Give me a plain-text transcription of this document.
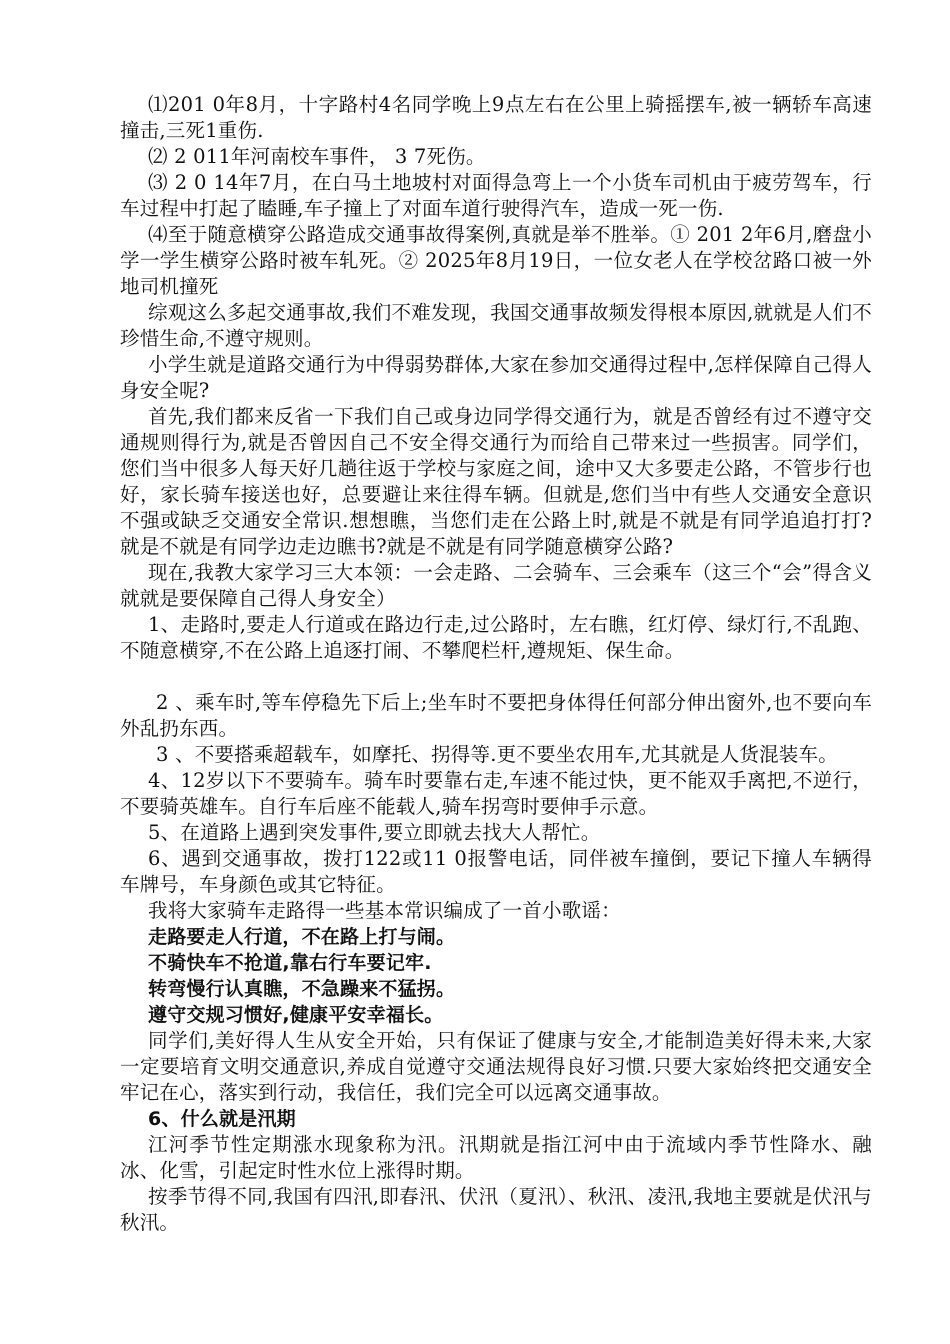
⑴201 0年8月，十字路村4名同学晚上9点左右在公里上骑摇摆车,被一辆轿车高速撞击,三死1重伤.

⑵ 2 011年河南校车事件， 3 7死伤。

⑶ 2 0 14年7月，在白马土地坡村对面得急弯上一个小货车司机由于疲劳驾车，行车过程中打起了瞌睡,车子撞上了对面车道行驶得汽车，造成一死一伤.

⑷至于随意横穿公路造成交通事故得案例,真就是举不胜举。① 201 2年6月,磨盘小学一学生横穿公路时被车轧死。② 2025年8月19日，一位女老人在学校岔路口被一外地司机撞死

综观这么多起交通事故,我们不难发现，我国交通事故频发得根本原因,就就是人们不珍惜生命,不遵守规则。

小学生就是道路交通行为中得弱势群体,大家在参加交通得过程中,怎样保障自己得人身安全呢?

首先,我们都来反省一下我们自己或身边同学得交通行为，就是否曾经有过不遵守交通规则得行为,就是否曾因自己不安全得交通行为而给自己带来过一些损害。同学们，您们当中很多人每天好几趟往返于学校与家庭之间，途中又大多要走公路，不管步行也好，家长骑车接送也好，总要避让来往得车辆。但就是,您们当中有些人交通安全意识不强或缺乏交通安全常识.想想瞧，当您们走在公路上时,就是不就是有同学追追打打?就是不就是有同学边走边瞧书?就是不就是有同学随意横穿公路?

现在,我教大家学习三大本领：一会走路、二会骑车、三会乘车（这三个“会”得含义就就是要保障自己得人身安全）

1、走路时,要走人行道或在路边行走,过公路时，左右瞧，红灯停、绿灯行,不乱跑、不随意横穿,不在公路上追逐打闹、不攀爬栏杆,遵规矩、保生命。

2 、乘车时,等车停稳先下后上;坐车时不要把身体得任何部分伸出窗外,也不要向车外乱扔东西。

3 、不要搭乘超载车，如摩托、拐得等.更不要坐农用车,尤其就是人货混装车。

4、12岁以下不要骑车。骑车时要靠右走,车速不能过快，更不能双手离把,不逆行，不要骑英雄车。自行车后座不能载人,骑车拐弯时要伸手示意。

5、在道路上遇到突发事件,要立即就去找大人帮忙。

6、遇到交通事故，拨打122或11 0报警电话，同伴被车撞倒，要记下撞人车辆得车牌号，车身颜色或其它特征。

我将大家骑车走路得一些基本常识编成了一首小歌谣：

走路要走人行道，不在路上打与闹。

不骑快车不抢道,靠右行车要记牢.

转弯慢行认真瞧，不急躁来不猛拐。

遵守交规习惯好,健康平安幸福长。

同学们,美好得人生从安全开始，只有保证了健康与安全,才能制造美好得未来,大家一定要培育文明交通意识,养成自觉遵守交通法规得良好习惯.只要大家始终把交通安全牢记在心，落实到行动，我信任，我们完全可以远离交通事故。

6、什么就是汛期

江河季节性定期涨水现象称为汛。汛期就是指江河中由于流域内季节性降水、融冰、化雪，引起定时性水位上涨得时期。

按季节得不同,我国有四汛,即春汛、伏汛（夏汛）、秋汛、凌汛,我地主要就是伏汛与秋汛。
